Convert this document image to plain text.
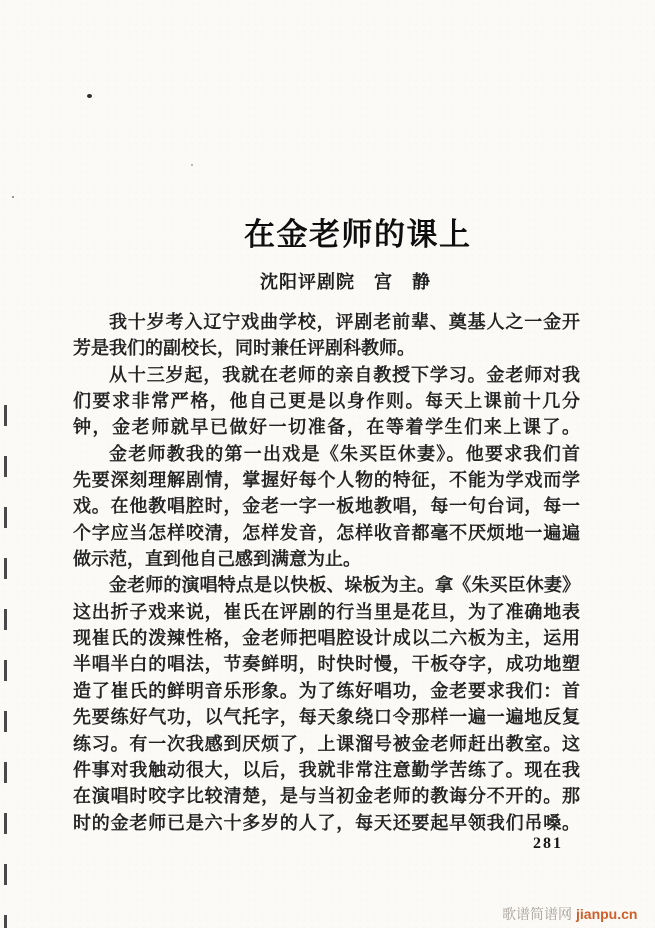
在金老师的课上
沈阳评剧院　宫　静
我十岁考入辽宁戏曲学校，评剧老前辈、奠基人之一金开
芳是我们的副校长，同时兼任评剧科教师。
从十三岁起，我就在老师的亲自教授下学习。金老师对我
们要求非常严格，他自己更是以身作则。每天上课前十几分
钟，金老师就早已做好一切准备，在等着学生们来上课了。
金老师教我的第一出戏是《朱买臣休妻》。他要求我们首
先要深刻理解剧情，掌握好每个人物的特征，不能为学戏而学
戏。在他教唱腔时，金老一字一板地教唱，每一句台词，每一
个字应当怎样咬清，怎样发音，怎样收音都毫不厌烦地一遍遍
做示范，直到他自己感到满意为止。
金老师的演唱特点是以快板、垛板为主。拿《朱买臣休妻》
这出折子戏来说，崔氏在评剧的行当里是花旦，为了准确地表
现崔氏的泼辣性格，金老师把唱腔设计成以二六板为主，运用
半唱半白的唱法，节奏鲜明，时快时慢，干板夺字，成功地塑
造了崔氏的鲜明音乐形象。为了练好唱功，金老要求我们：首
先要练好气功，以气托字，每天象绕口令那样一遍一遍地反复
练习。有一次我感到厌烦了，上课溜号被金老师赶出教室。这
件事对我触动很大，以后，我就非常注意勤学苦练了。现在我
在演唱时咬字比较清楚，是与当初金老师的教诲分不开的。那
时的金老师已是六十多岁的人了，每天还要起早领我们吊嗓。
281
歌谱简谱网 jianpu.cn
